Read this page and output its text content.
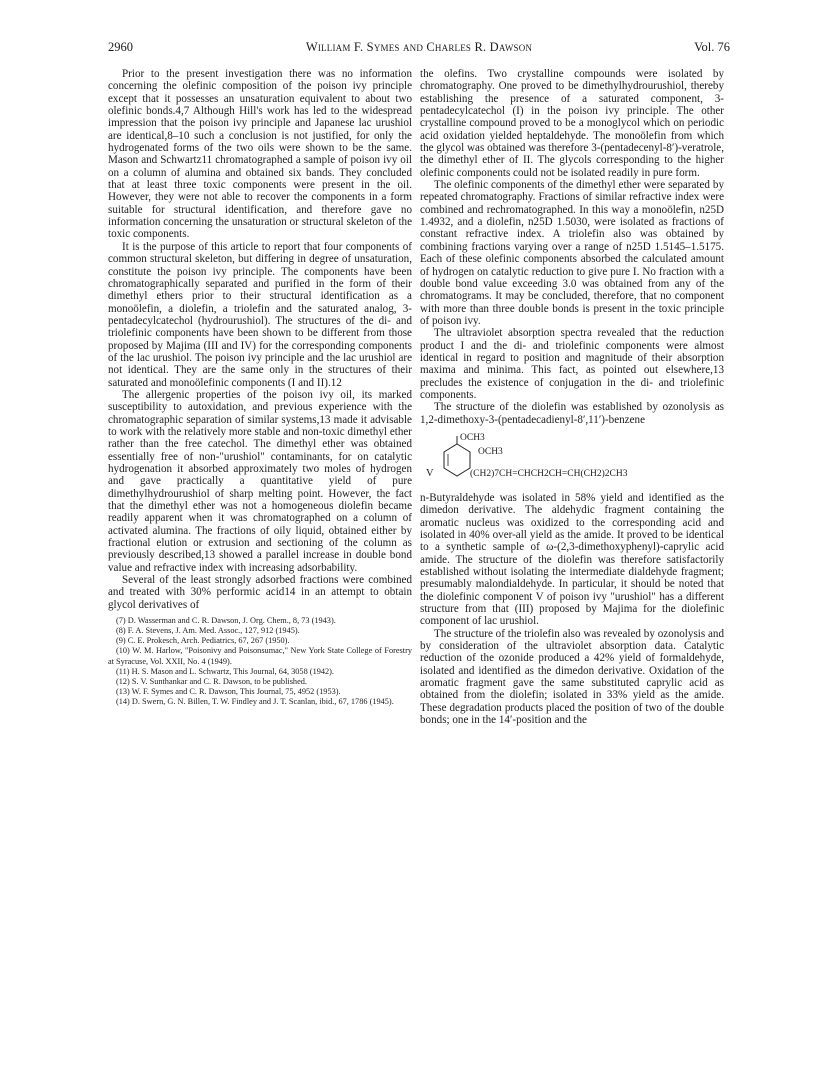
2960	William F. Symes and Charles R. Dawson	Vol. 76

Prior to the present investigation there was no information concerning the olefinic composition of the poison ivy principle except that it possesses an unsaturation equivalent to about two olefinic bonds.4,7 Although Hill's work has led to the widespread impression that the poison ivy principle and Japanese lac urushiol are identical,8–10 such a conclusion is not justified, for only the hydrogenated forms of the two oils were shown to be the same. Mason and Schwartz11 chromatographed a sample of poison ivy oil on a column of alumina and obtained six bands. They concluded that at least three toxic components were present in the oil. However, they were not able to recover the components in a form suitable for structural identification, and therefore gave no information concerning the unsaturation or structural skeleton of the toxic components.

It is the purpose of this article to report that four components of common structural skeleton, but differing in degree of unsaturation, constitute the poison ivy principle. The components have been chromatographically separated and purified in the form of their dimethyl ethers prior to their structural identification as a monoölefin, a diolefin, a triolefin and the saturated analog, 3-pentadecylcatechol (hydrourushiol). The structures of the di- and triolefinic components have been shown to be different from those proposed by Majima (III and IV) for the corresponding components of the lac urushiol. The poison ivy principle and the lac urushiol are not identical. They are the same only in the structures of their saturated and monoölefinic components (I and II).12

The allergenic properties of the poison ivy oil, its marked susceptibility to autoxidation, and previous experience with the chromatographic separation of similar systems,13 made it advisable to work with the relatively more stable and non-toxic dimethyl ether rather than the free catechol. The dimethyl ether was obtained essentially free of non-"urushiol" contaminants, for on catalytic hydrogenation it absorbed approximately two moles of hydrogen and gave practically a quantitative yield of pure dimethylhydrourushiol of sharp melting point. However, the fact that the dimethyl ether was not a homogeneous diolefin became readily apparent when it was chromatographed on a column of activated alumina. The fractions of oily liquid, obtained either by fractional elution or extrusion and sectioning of the column as previously described,13 showed a parallel increase in double bond value and refractive index with increasing adsorbability.

Several of the least strongly adsorbed fractions were combined and treated with 30% performic acid14 in an attempt to obtain glycol derivatives of

(7) D. Wasserman and C. R. Dawson, J. Org. Chem., 8, 73 (1943).
(8) F. A. Stevens, J. Am. Med. Assoc., 127, 912 (1945).
(9) C. E. Prokesch, Arch. Pediatrics, 67, 267 (1950).
(10) W. M. Harlow, "Poisonivy and Poisonsumac," New York State College of Forestry at Syracuse, Vol. XXII, No. 4 (1949).
(11) H. S. Mason and L. Schwartz, This Journal, 64, 3058 (1942).
(12) S. V. Sunthankar and C. R. Dawson, to be published.
(13) W. F. Symes and C. R. Dawson, This Journal, 75, 4952 (1953).
(14) D. Swern, G. N. Billen, T. W. Findley and J. T. Scanlan, ibid., 67, 1786 (1945).

the olefins. Two crystalline compounds were isolated by chromatography. One proved to be dimethylhydrourushiol, thereby establishing the presence of a saturated component, 3-pentadecylcatechol (I) in the poison ivy principle. The other crystalline compound proved to be a monoglycol which on periodic acid oxidation yielded heptaldehyde. The monoölefin from which the glycol was obtained was therefore 3-(pentadecenyl-8′)-veratrole, the dimethyl ether of II. The glycols corresponding to the higher olefinic components could not be isolated readily in pure form.

The olefinic components of the dimethyl ether were separated by repeated chromatography. Fractions of similar refractive index were combined and rechromatographed. In this way a monoölefin, n25D 1.4932, and a diolefin, n25D 1.5030, were isolated as fractions of constant refractive index. A triolefin also was obtained by combining fractions varying over a range of n25D 1.5145–1.5175. Each of these olefinic components absorbed the calculated amount of hydrogen on catalytic reduction to give pure I. No fraction with a double bond value exceeding 3.0 was obtained from any of the chromatograms. It may be concluded, therefore, that no component with more than three double bonds is present in the toxic principle of poison ivy.

The ultraviolet absorption spectra revealed that the reduction product I and the di- and triolefinic components were almost identical in regard to position and magnitude of their absorption maxima and minima. This fact, as pointed out elsewhere,13 precludes the existence of conjugation in the di- and triolefinic components.

The structure of the diolefin was established by ozonolysis as 1,2-dimethoxy-3-(pentadecadienyl-8′,11′)-benzene

V
OCH3
OCH3
(CH2)7CH=CHCH2CH=CH(CH2)2CH3

n-Butyraldehyde was isolated in 58% yield and identified as the dimedon derivative. The aldehydic fragment containing the aromatic nucleus was oxidized to the corresponding acid and isolated in 40% over-all yield as the amide. It proved to be identical to a synthetic sample of ω-(2,3-dimethoxyphenyl)-caprylic acid amide. The structure of the diolefin was therefore satisfactorily established without isolating the intermediate dialdehyde fragment; presumably malondialdehyde. In particular, it should be noted that the diolefinic component V of poison ivy "urushiol" has a different structure from that (III) proposed by Majima for the diolefinic component of lac urushiol.

The structure of the triolefin also was revealed by ozonolysis and by consideration of the ultraviolet absorption data. Catalytic reduction of the ozonide produced a 42% yield of formaldehyde, isolated and identified as the dimedon derivative. Oxidation of the aromatic fragment gave the same substituted caprylic acid as obtained from the diolefin; isolated in 33% yield as the amide. These degradation products placed the position of two of the double bonds; one in the 14′-position and the
